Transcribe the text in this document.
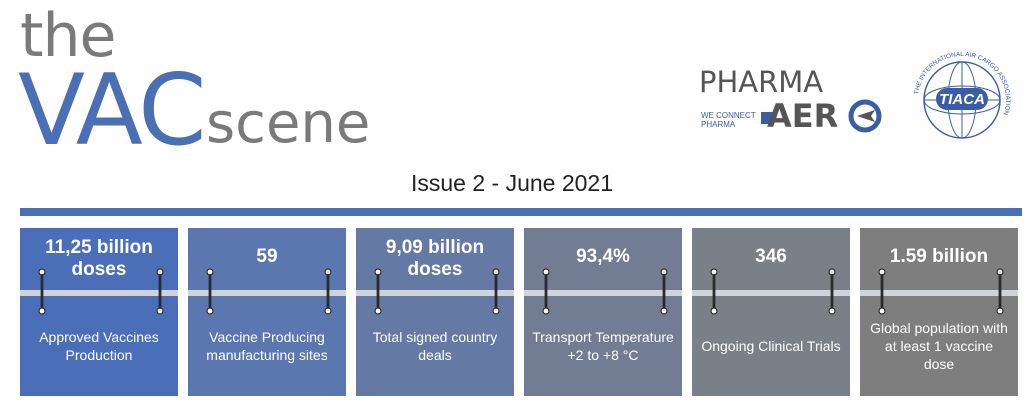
the
VAC scene
PHARMA
WE CONNECT
PHARMA AER	TIACA
THE INTERNATIONAL AIR CARGO ASSOCIATION
Issue 2 - June 2021
11,25 billion doses
Approved Vaccines Production
59
Vaccine Producing manufacturing sites
9,09 billion doses
Total signed country deals
93,4%
Transport Temperature +2 to +8 °C
346
Ongoing Clinical Trials
1.59 billion
Global population with at least 1 vaccine dose
